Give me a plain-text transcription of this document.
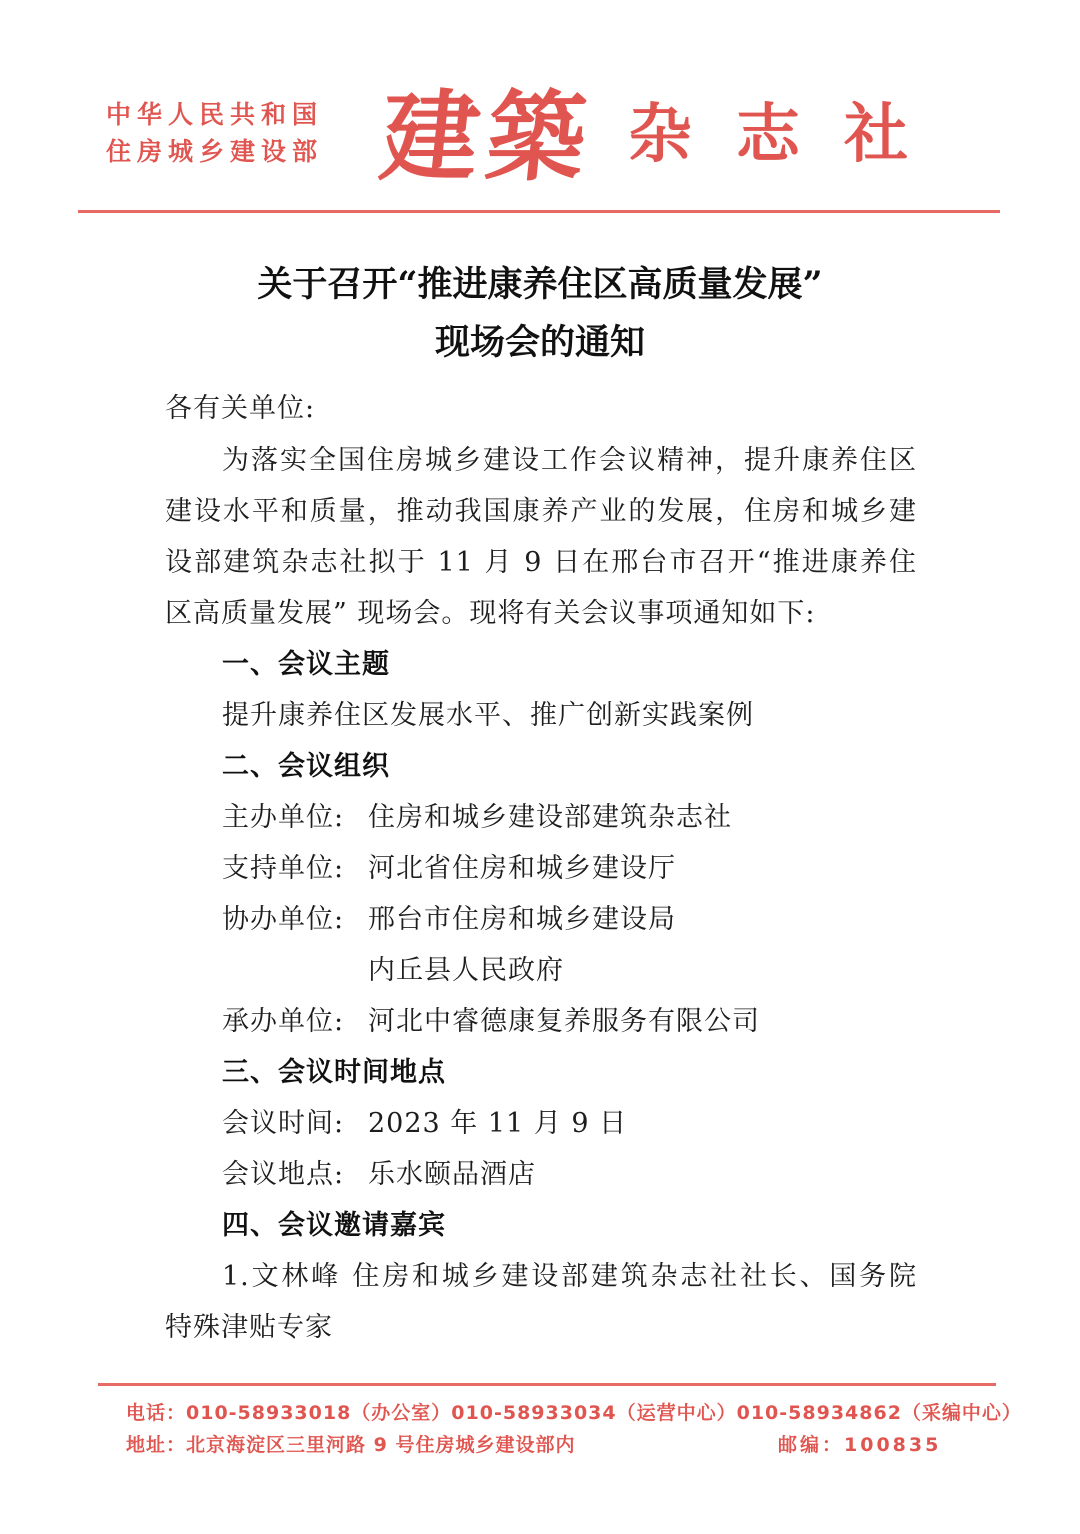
中华人民共和国
住房城乡建设部 建築 杂志社
关于召开“推进康养住区高质量发展”
现场会的通知
各有关单位:
为落实全国住房城乡建设工作会议精神，提升康养住区
建设水平和质量，推动我国康养产业的发展，住房和城乡建
设部建筑杂志社拟于 11 月 9 日在邢台市召开“推进康养住
区高质量发展” 现场会。现将有关会议事项通知如下:
一、会议主题
提升康养住区发展水平、推广创新实践案例
二、会议组织
主办单位: 住房和城乡建设部建筑杂志社
支持单位: 河北省住房和城乡建设厅
协办单位: 邢台市住房和城乡建设局
内丘县人民政府
承办单位: 河北中睿德康复养服务有限公司
三、会议时间地点
会议时间: 2023 年 11 月 9 日
会议地点: 乐水颐品酒店
四、会议邀请嘉宾
1.文林峰 住房和城乡建设部建筑杂志社社长、国务院
特殊津贴专家
电话：010-58933018（办公室）010-58933034（运营中心）010-58934862（采编中心）
地址：北京海淀区三里河路 9 号住房城乡建设部内	邮编：100835
